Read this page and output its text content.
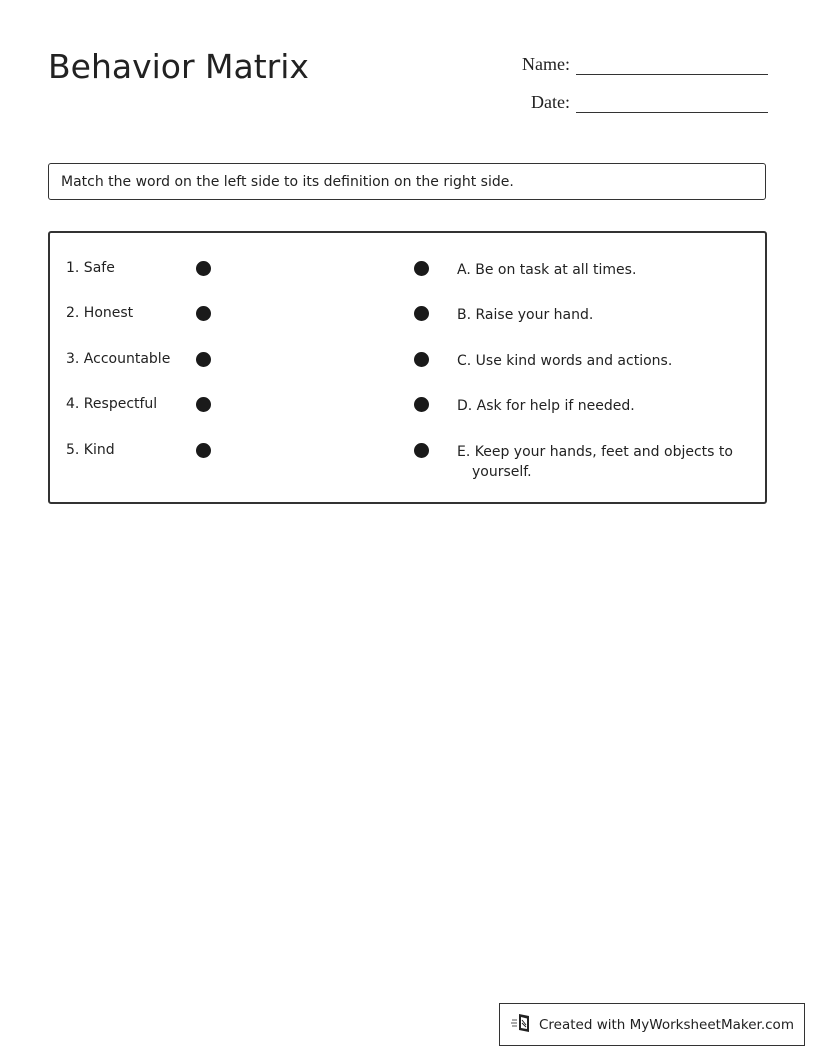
Behavior Matrix	Name:
Date:
Match the word on the left side to its definition on the right side.
1. Safe	A. Be on task at all times.
2. Honest	B. Raise your hand.
3. Accountable	C. Use kind words and actions.
4. Respectful	D. Ask for help if needed.
5. Kind	E. Keep your hands, feet and objects to yourself.
Created with MyWorksheetMaker.com
